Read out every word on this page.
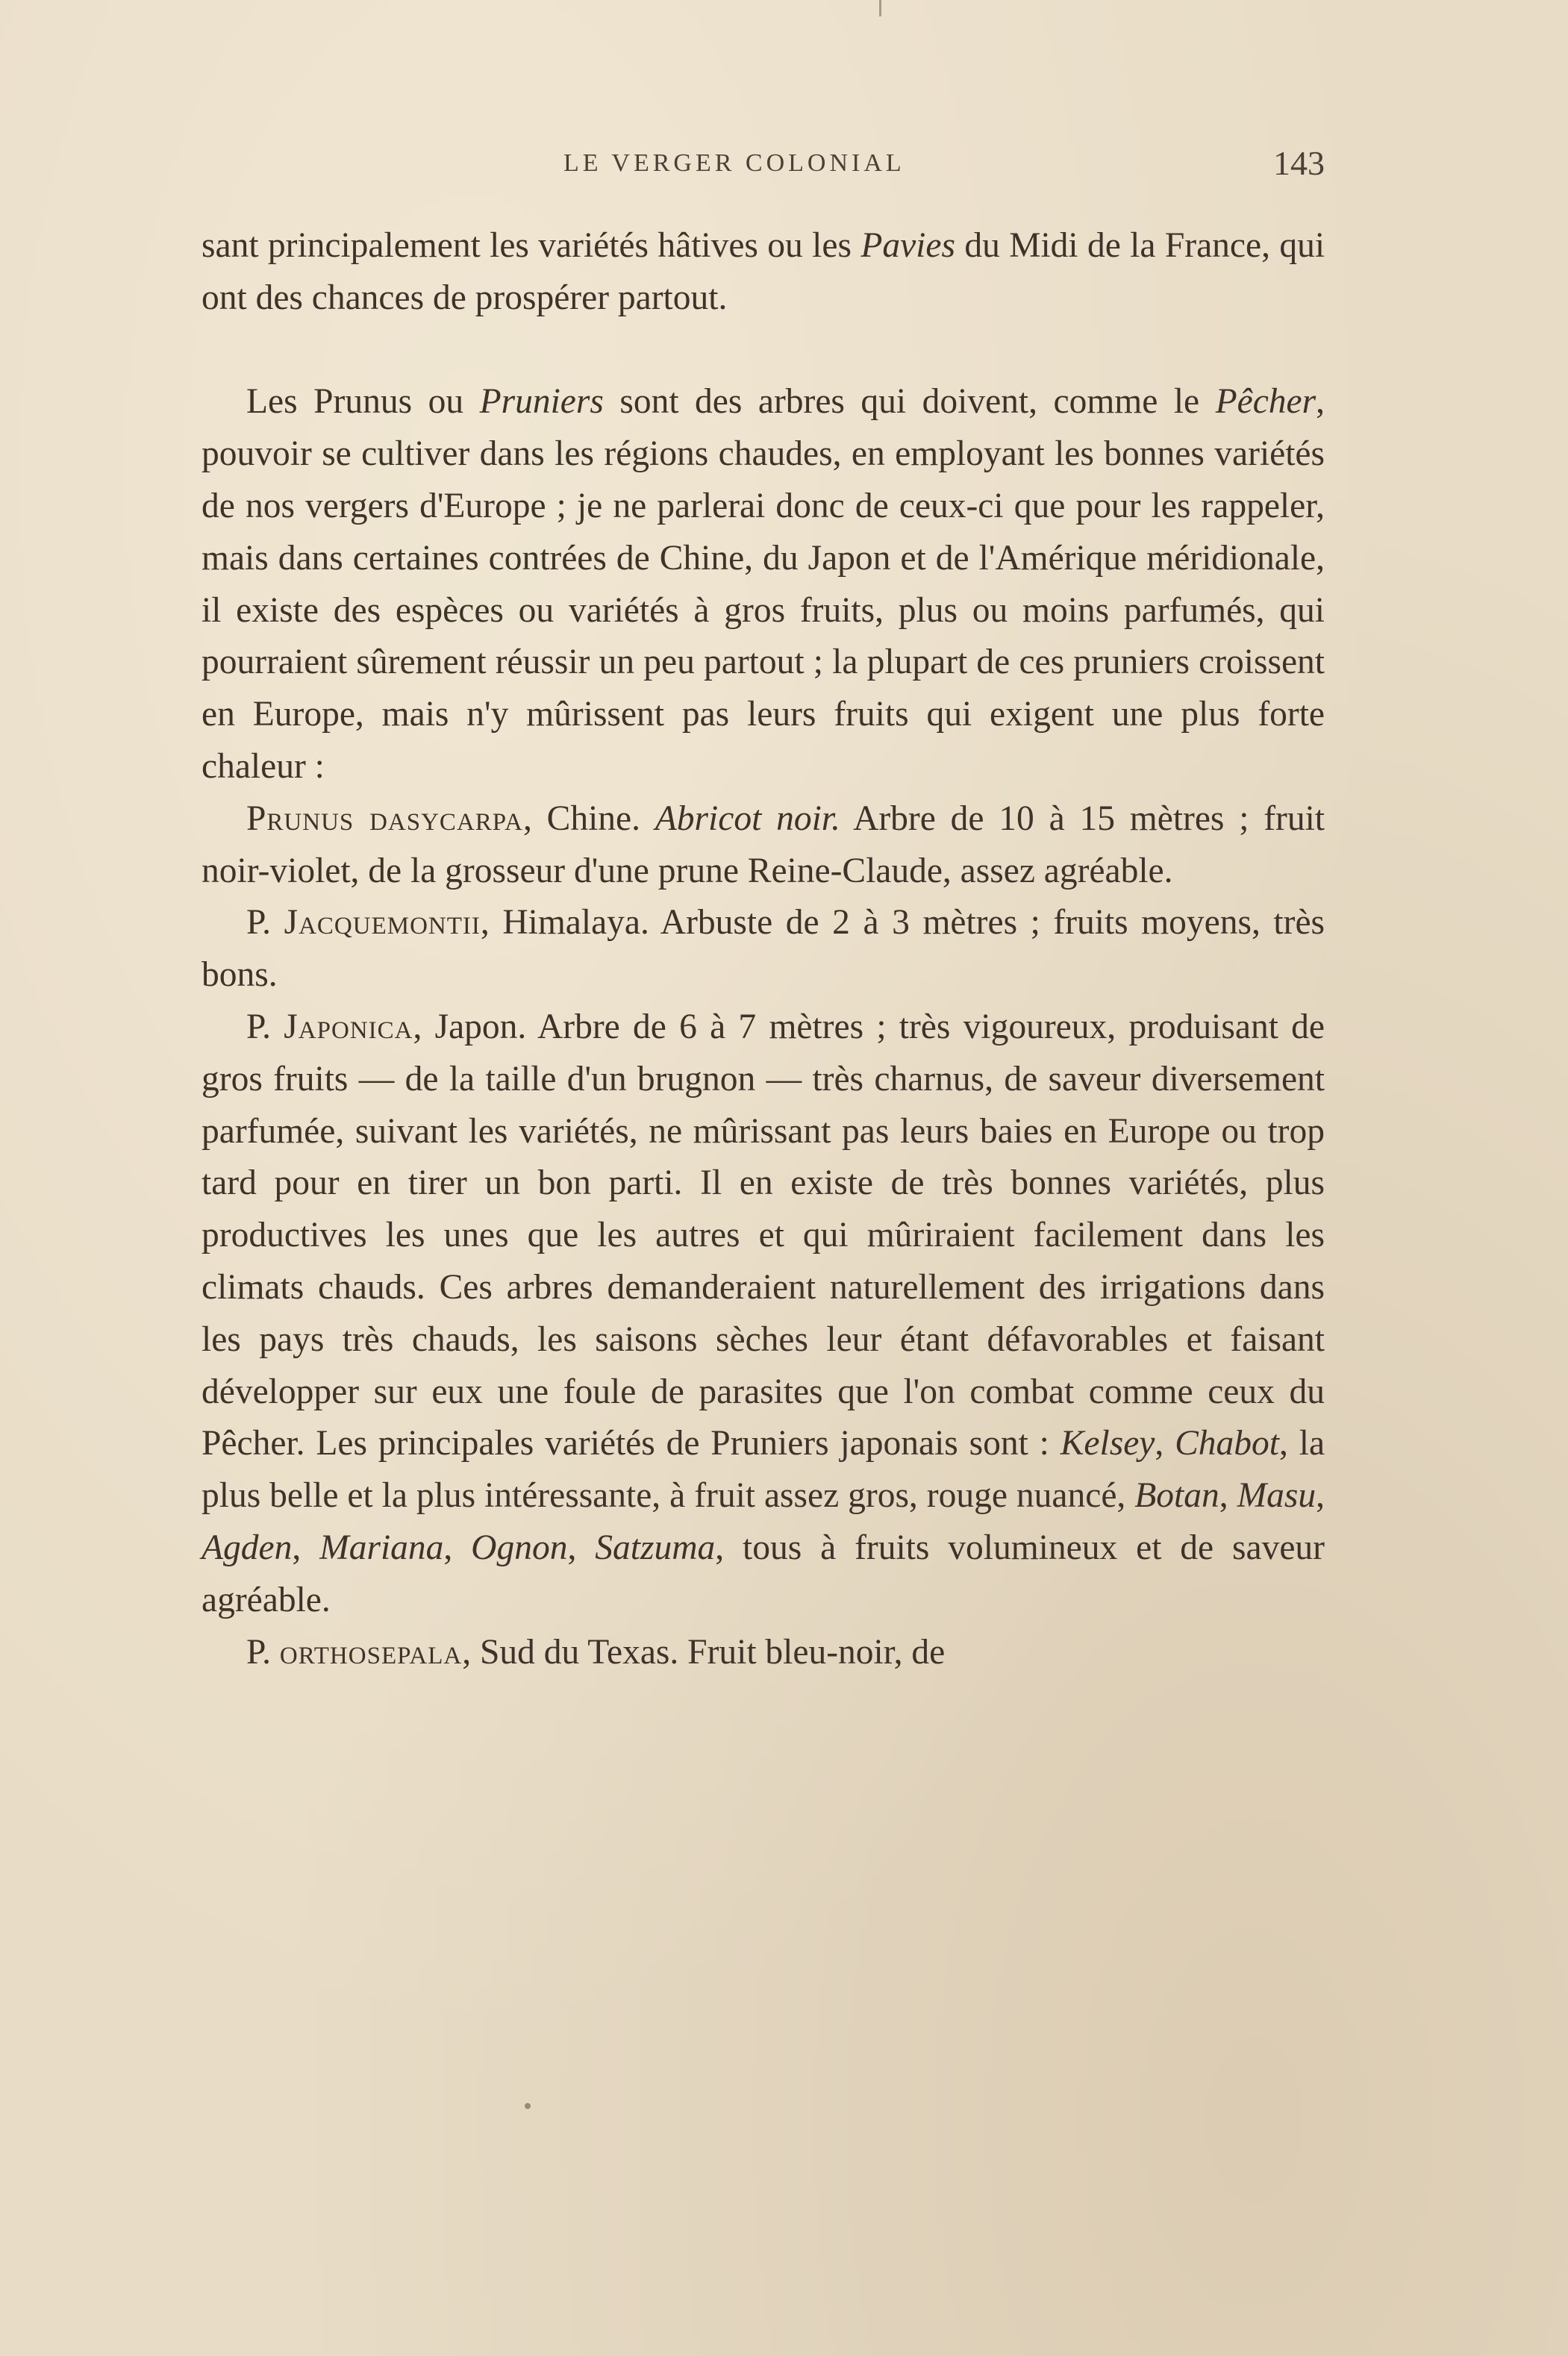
LE VERGER COLONIAL	143

sant principalement les variétés hâtives ou les Pavies du Midi de la France, qui ont des chances de prospérer partout.

Les Prunus ou Pruniers sont des arbres qui doivent, comme le Pêcher, pouvoir se cultiver dans les régions chaudes, en employant les bonnes variétés de nos vergers d'Europe ; je ne parlerai donc de ceux-ci que pour les rappeler, mais dans certaines contrées de Chine, du Japon et de l'Amérique méridionale, il existe des espèces ou variétés à gros fruits, plus ou moins parfumés, qui pourraient sûrement réussir un peu partout ; la plupart de ces pruniers croissent en Europe, mais n'y mûrissent pas leurs fruits qui exigent une plus forte chaleur :

Prunus dasycarpa, Chine. Abricot noir. Arbre de 10 à 15 mètres ; fruit noir-violet, de la grosseur d'une prune Reine-Claude, assez agréable.

P. Jacquemontii, Himalaya. Arbuste de 2 à 3 mètres ; fruits moyens, très bons.

P. Japonica, Japon. Arbre de 6 à 7 mètres ; très vigoureux, produisant de gros fruits — de la taille d'un brugnon — très charnus, de saveur diversement parfumée, suivant les variétés, ne mûrissant pas leurs baies en Europe ou trop tard pour en tirer un bon parti. Il en existe de très bonnes variétés, plus productives les unes que les autres et qui mûriraient facilement dans les climats chauds. Ces arbres demanderaient naturellement des irrigations dans les pays très chauds, les saisons sèches leur étant défavorables et faisant développer sur eux une foule de parasites que l'on combat comme ceux du Pêcher. Les principales variétés de Pruniers japonais sont : Kelsey, Chabot, la plus belle et la plus intéressante, à fruit assez gros, rouge nuancé, Botan, Masu, Agden, Mariana, Ognon, Satzuma, tous à fruits volumineux et de saveur agréable.

P. orthosepala, Sud du Texas. Fruit bleu-noir, de
